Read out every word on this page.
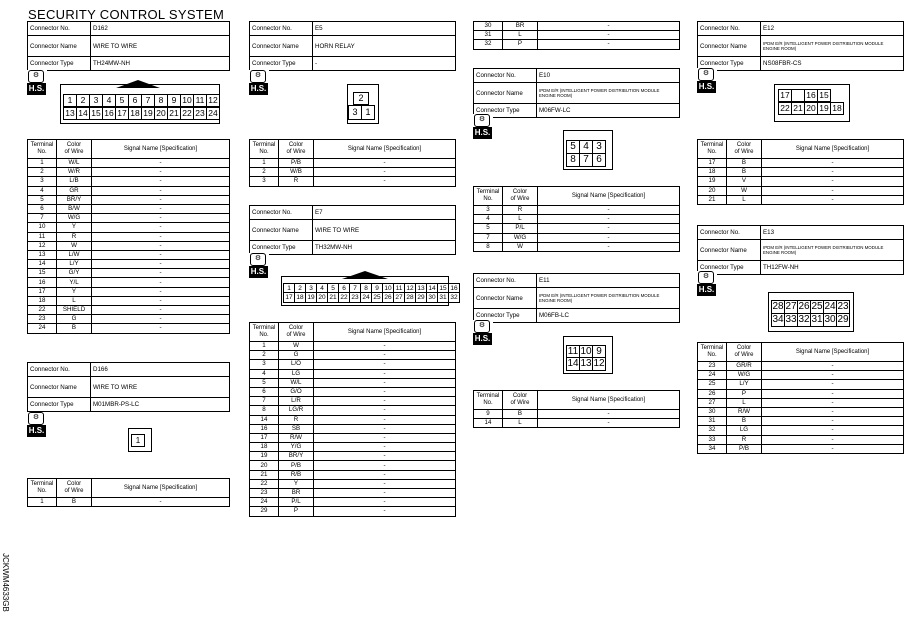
SECURITY CONTROL SYSTEM
JCKWM4633GB
Connector No.	D162
Connector Name	WIRE TO WIRE
Connector Type	TH24MW-NH
⚙
H.S.
1 2 3 4 5 6 7 8 9 10 11 12
13 14 15 16 17 18 19 20 21 22 23 24
Terminal
No.	Color
of Wire	Signal Name [Specification]
1	W/L	-
2	W/R	-
3	L/B	-
4	GR	-
5	BR/Y	-
6	B/W	-
7	W/G	-
10	Y	-
11	R	-
12	W	-
13	L/W	-
14	L/Y	-
15	G/Y	-
16	Y/L	-
17	Y	-
18	L	-
22	SHIELD	-
23	G	-
24	B	-
Connector No.	D166
Connector Name	WIRE TO WIRE
Connector Type	M01MBR-PS-LC
⚙
H.S.
1
Terminal
No.	Color
of Wire	Signal Name [Specification]
1	B	-
Connector No.	E5
Connector Name	HORN RELAY
Connector Type	-
⚙
H.S.
2
3 1
Terminal
No.	Color
of Wire	Signal Name [Specification]
1	P/B	-
2	W/B	-
3	R	-
Connector No.	E7
Connector Name	WIRE TO WIRE
Connector Type	TH32MW-NH
⚙
H.S.
1	2	3	4	5	6	7	8	9 10 11 12 13 14 15 16
17 18 19 20 21 22 23 24 25 26 27 28 29 30 31 32
Terminal
No.	Color
of Wire	Signal Name [Specification]
1	W	-
2	G	-
3	L/O	-
4	LG	-
5	W/L	-
6	G/O	-
7	L/R	-
8	LG/R	-
14	R	-
16	SB	-
17	R/W	-
18	Y/G	-
19	BR/Y	-
20	P/B	-
21	R/B	-
22	Y	-
23	BR	-
24	P/L	-
29	P	-
30	BR	-
31	L	-
32	P	-
Connector No.	E10
Connector Name	IPDM E/R (INTELLIGENT POWER DISTRIBUTION MODULE ENGINE ROOM)
Connector Type	M06FW-LC
⚙
H.S.
5 4 3
8 7 6
Terminal
No.	Color
of Wire	Signal Name [Specification]
3	R	-
4	L	-
5	P/L	-
7	W/G	-
8	W	-
Connector No.	E11
Connector Name	IPDM E/R (INTELLIGENT POWER DISTRIBUTION MODULE ENGINE ROOM)
Connector Type	M06FB-LC
⚙
H.S.
11 10 9
14 13 12
Terminal
No.	Color
of Wire	Signal Name [Specification]
9	B	-
14	L	-
Connector No.	E12
Connector Name	IPDM E/R (INTELLIGENT POWER DISTRIBUTION MODULE ENGINE ROOM)
Connector Type	NS08FBR-CS
⚙
H.S.
17 16 15
22 21 20 19 18
Terminal
No.	Color
of Wire	Signal Name [Specification]
17	B	-
18	B	-
19	V	-
20	W	-
21	L	-
Connector No.	E13
Connector Name	IPDM E/R (INTELLIGENT POWER DISTRIBUTION MODULE ENGINE ROOM)
Connector Type	TH12FW-NH
⚙
H.S.
28 27 26 25 24 23
34 33 32 31 30 29
Terminal
No.	Color
of Wire	Signal Name [Specification]
23	GR/R	-
24	W/G	-
25	L/Y	-
26	P	-
27	L	-
30	R/W	-
31	B	-
32	LG	-
33	R	-
34	P/B	-
